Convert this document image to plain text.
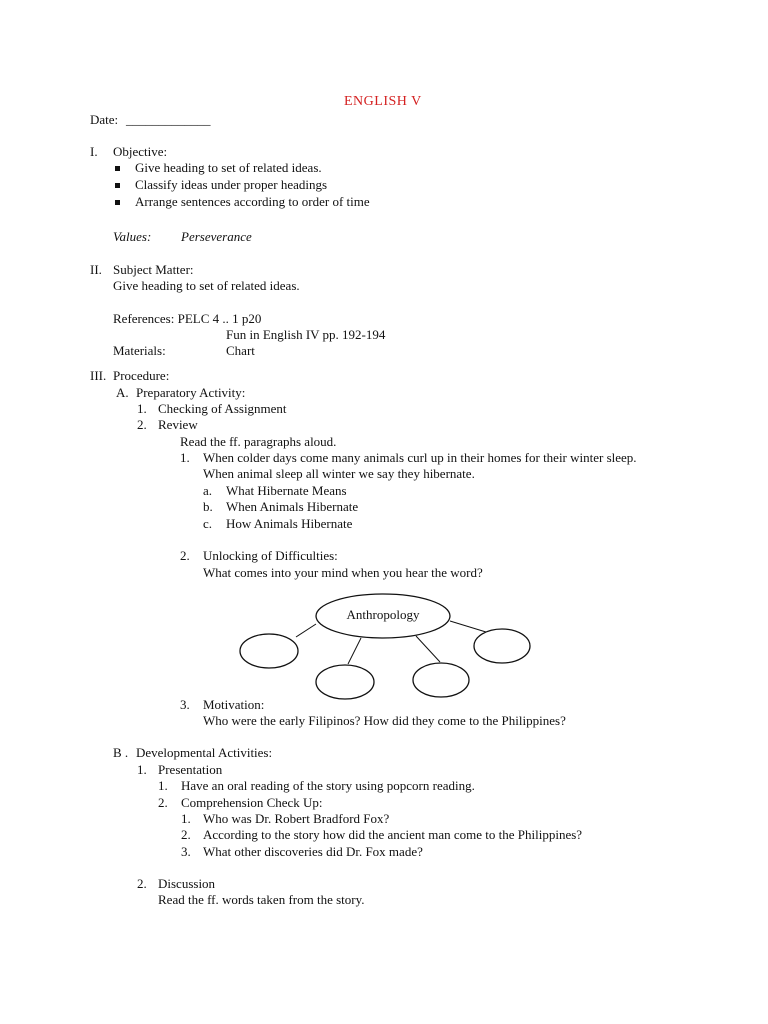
ENGLISH V
Date: _____________
I. Objective:
Give heading to set of related ideas.
Classify ideas under proper headings
Arrange sentences according to order of time
Values: Perseverance
II. Subject Matter:
Give heading to set of related ideas.
References: PELC 4 .. 1 p20
Fun in English IV pp. 192-194
Materials:	Chart
III. Procedure:
A. Preparatory Activity:
1. Checking of Assignment
2. Review
Read the ff. paragraphs aloud.
1. When colder days come many animals curl up in their homes for their winter sleep.
When animal sleep all winter we say they hibernate.
a. What Hibernate Means
b. When Animals Hibernate
c. How Animals Hibernate
2. Unlocking of Difficulties:
What comes into your mind when you hear the word?
Anthropology
3. Motivation:
Who were the early Filipinos? How did they come to the Philippines?
B . Developmental Activities:
1. Presentation
1. Have an oral reading of the story using popcorn reading.
2. Comprehension Check Up:
1. Who was Dr. Robert Bradford Fox?
2. According to the story how did the ancient man come to the Philippines?
3. What other discoveries did Dr. Fox made?
2. Discussion
Read the ff. words taken from the story.
